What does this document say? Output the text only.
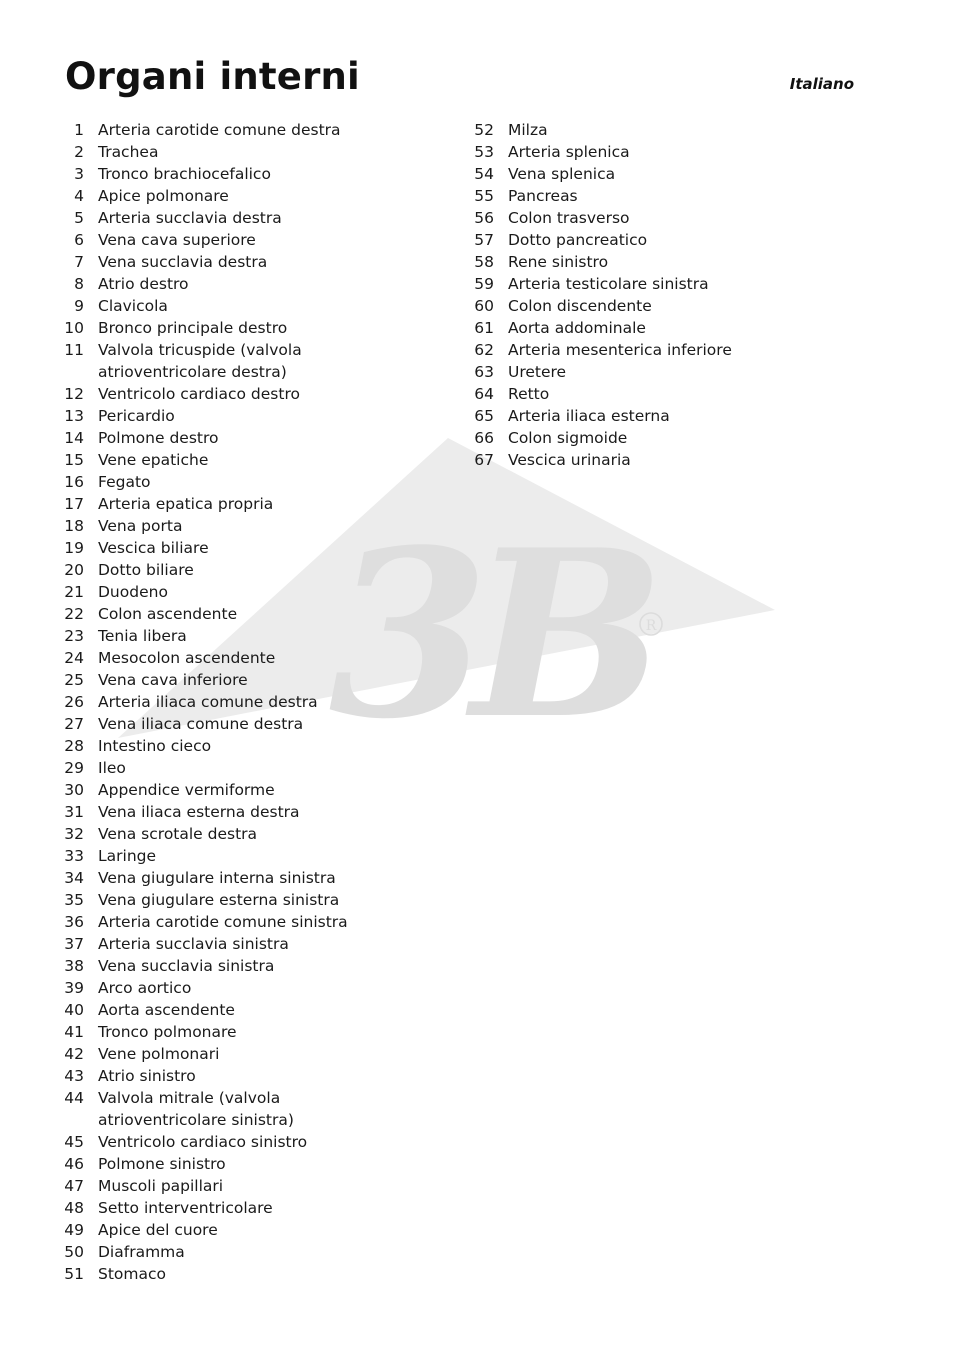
3B
R
Organi interni	Italiano
1 Arteria carotide comune destra
2 Trachea
3 Tronco brachiocefalico
4 Apice polmonare
5 Arteria succlavia destra
6 Vena cava superiore
7 Vena succlavia destra
8 Atrio destro
9 Clavicola
10 Bronco principale destro
11 Valvola tricuspide (valvola
atrioventricolare destra)
12 Ventricolo cardiaco destro
13 Pericardio
14 Polmone destro
15 Vene epatiche
16 Fegato
17 Arteria epatica propria
18 Vena porta
19 Vescica biliare
20 Dotto biliare
21 Duodeno
22 Colon ascendente
23 Tenia libera
24 Mesocolon ascendente
25 Vena cava inferiore
26 Arteria iliaca comune destra
27 Vena iliaca comune destra
28 Intestino cieco
29 Ileo
30 Appendice vermiforme
31 Vena iliaca esterna destra
32 Vena scrotale destra
33 Laringe
34 Vena giugulare interna sinistra
35 Vena giugulare esterna sinistra
36 Arteria carotide comune sinistra
37 Arteria succlavia sinistra
38 Vena succlavia sinistra
39 Arco aortico
40 Aorta ascendente
41 Tronco polmonare
42 Vene polmonari
43 Atrio sinistro
44 Valvola mitrale (valvola
atrioventricolare sinistra)
45 Ventricolo cardiaco sinistro
46 Polmone sinistro
47 Muscoli papillari
48 Setto interventricolare
49 Apice del cuore
50 Diaframma
51 Stomaco
52 Milza
53 Arteria splenica
54 Vena splenica
55 Pancreas
56 Colon trasverso
57 Dotto pancreatico
58 Rene sinistro
59 Arteria testicolare sinistra
60 Colon discendente
61 Aorta addominale
62 Arteria mesenterica inferiore
63 Uretere
64 Retto
65 Arteria iliaca esterna
66 Colon sigmoide
67 Vescica urinaria
